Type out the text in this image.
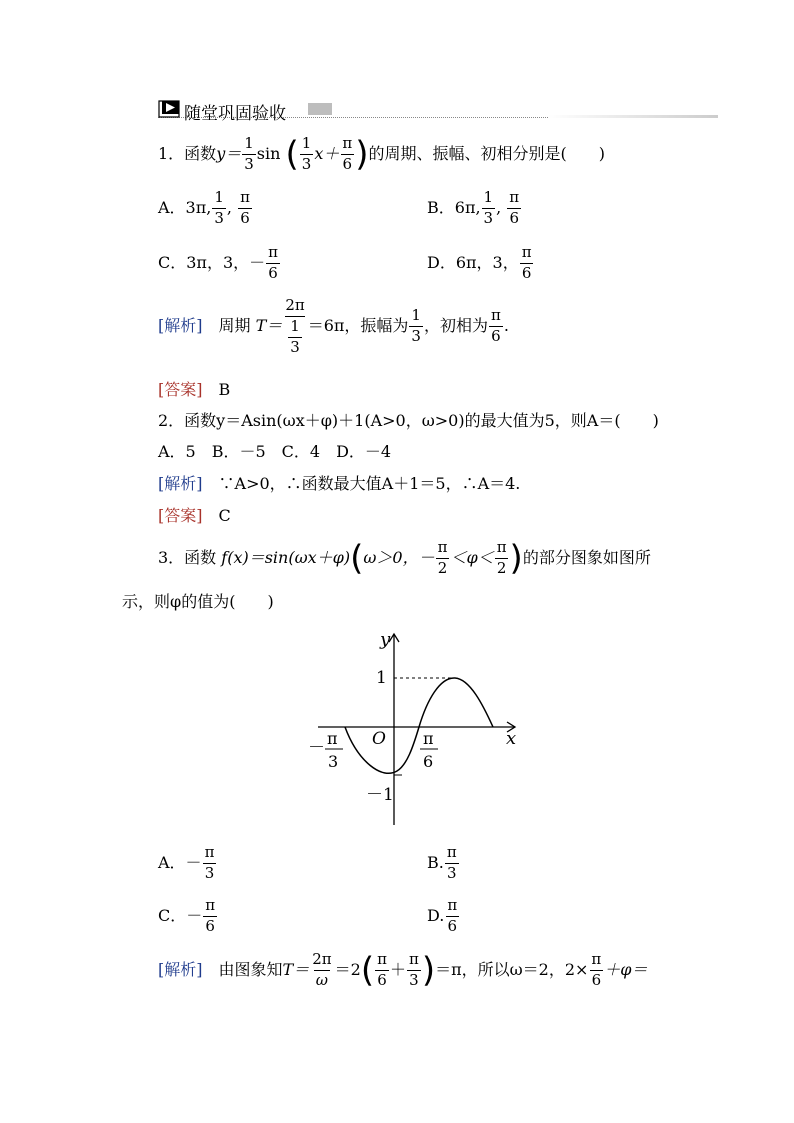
随堂巩固验收
1．函数$y= \frac{1}{3}$ sin ( $\frac{1}{3} x+ \frac{\pi}{6}$ )的周期、振幅、初相分别是(　　)
A．3π, $\frac{1}{3}$ , $\frac{\pi}{6}$	B．6π, $\frac{1}{3}$ , $\frac{\pi}{6}$
C．3π，3，－ $\frac{\pi}{6}$	D．6π，3， $\frac{\pi}{6}$
[解析]　 周期 $T= \frac{2\pi}{\frac{1}{3}} =6\pi$，振幅为 $\frac{1}{3}$ ，初相为 $\frac{\pi}{6}$ .
[答案]　 B
2．函数y＝Asin(ωx＋φ)＋1(A>0，ω>0)的最大值为5，则A＝(　　)
A．5　B．－5　C．4　D．－4
[解析]　 ∵A>0，∴函数最大值A＋1＝5，∴A＝4.
[答案]　 C
3．函数 f(x)＝sin(ωx＋φ)(ω＞0，－ $\frac{\pi}{2} <\varphi< \frac{\pi}{2}$ )的部分图象如图所
示，则φ的值为(　　)
y
x
O
1
－1
－ π
3
π
6
A．－ $\frac{\pi}{3}$	B. $\frac{\pi}{3}$
C．－ $\frac{\pi}{6}$	D. $\frac{\pi}{6}$
[解析]　 由图象知$T= \frac{2\pi}{\omega} =2( \frac{\pi}{6} + \frac{\pi}{3} )=\pi$，所以ω＝2，$2\times \frac{\pi}{6} +\varphi=$
